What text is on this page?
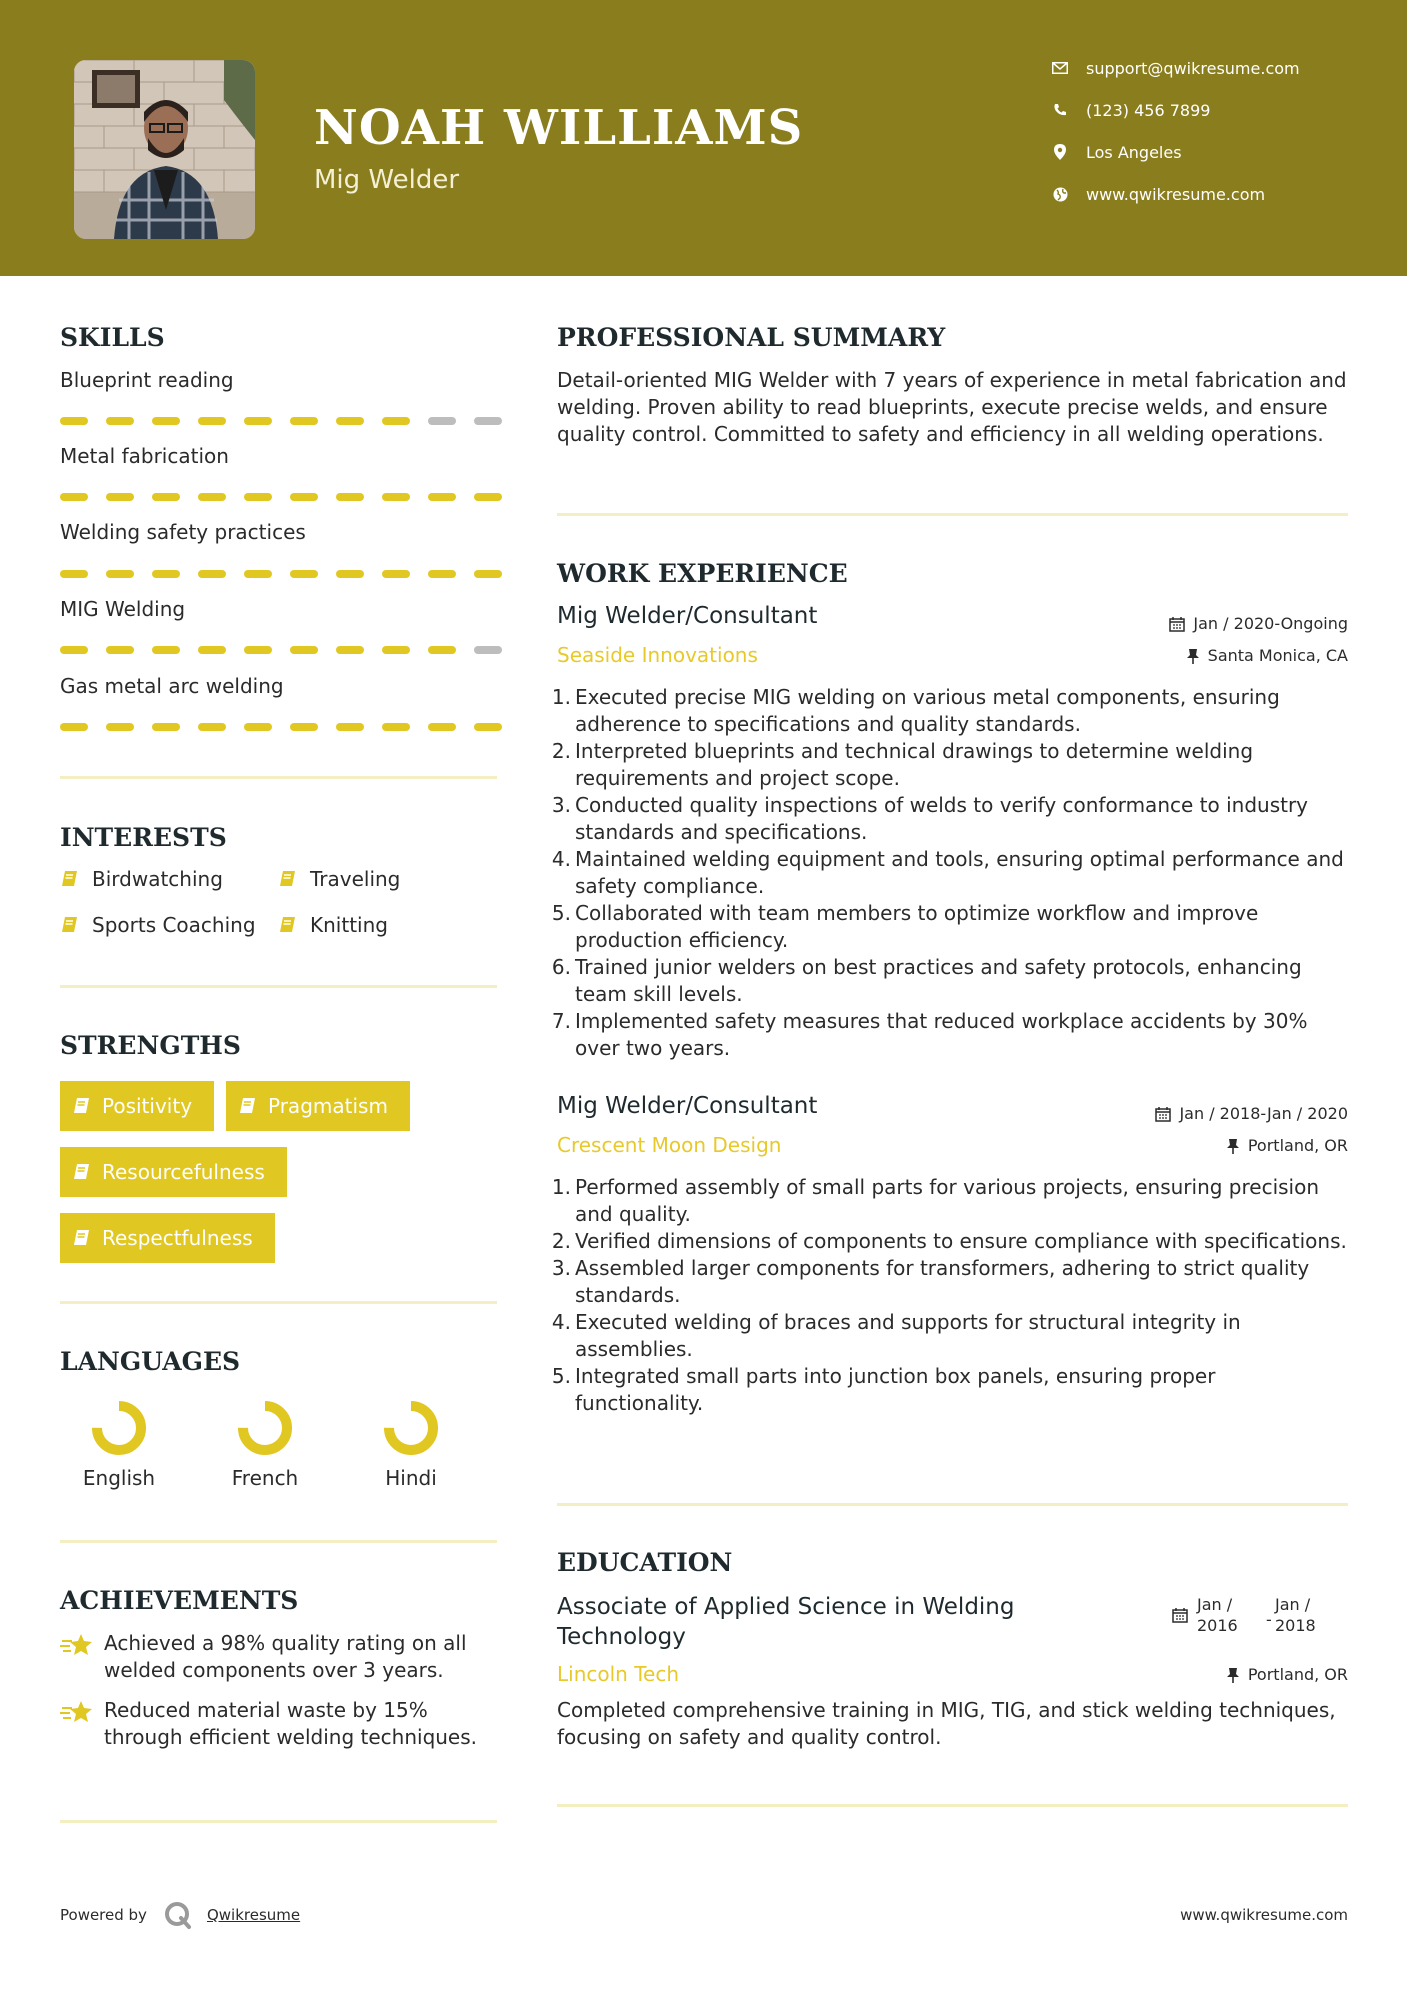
NOAH WILLIAMS
Mig Welder
support@qwikresume.com
(123) 456 7899
Los Angeles
www.qwikresume.com
SKILLS
Blueprint reading
Metal fabrication
Welding safety practices
MIG Welding
Gas metal arc welding
INTERESTS
Birdwatching	Traveling
Sports Coaching	Knitting
STRENGTHS
Positivity	Pragmatism
Resourcefulness
Respectfulness
LANGUAGES
English	French	Hindi
ACHIEVEMENTS
Achieved a 98% quality rating on all welded components over 3 years.
Reduced material waste by 15% through efficient welding techniques.
PROFESSIONAL SUMMARY
Detail-oriented MIG Welder with 7 years of experience in metal fabrication and welding. Proven ability to read blueprints, execute precise welds, and ensure quality control. Committed to safety and efficiency in all welding operations.
WORK EXPERIENCE
Mig Welder/Consultant	Jan / 2020-Ongoing
Seaside Innovations	Santa Monica, CA
1. Executed precise MIG welding on various metal components, ensuring adherence to specifications and quality standards.
2. Interpreted blueprints and technical drawings to determine welding requirements and project scope.
3. Conducted quality inspections of welds to verify conformance to industry standards and specifications.
4. Maintained welding equipment and tools, ensuring optimal performance and safety compliance.
5. Collaborated with team members to optimize workflow and improve production efficiency.
6. Trained junior welders on best practices and safety protocols, enhancing team skill levels.
7. Implemented safety measures that reduced workplace accidents by 30% over two years.
Mig Welder/Consultant	Jan / 2018-Jan / 2020
Crescent Moon Design	Portland, OR
1. Performed assembly of small parts for various projects, ensuring precision and quality.
2. Verified dimensions of components to ensure compliance with specifications.
3. Assembled larger components for transformers, adhering to strict quality standards.
4. Executed welding of braces and supports for structural integrity in assemblies.
5. Integrated small parts into junction box panels, ensuring proper functionality.
EDUCATION
Associate of Applied Science in Welding Technology
Jan /
2016 -
Jan /
2018
Lincoln Tech	Portland, OR
Completed comprehensive training in MIG, TIG, and stick welding techniques, focusing on safety and quality control.
Powered by	Qwikresume	www.qwikresume.com
